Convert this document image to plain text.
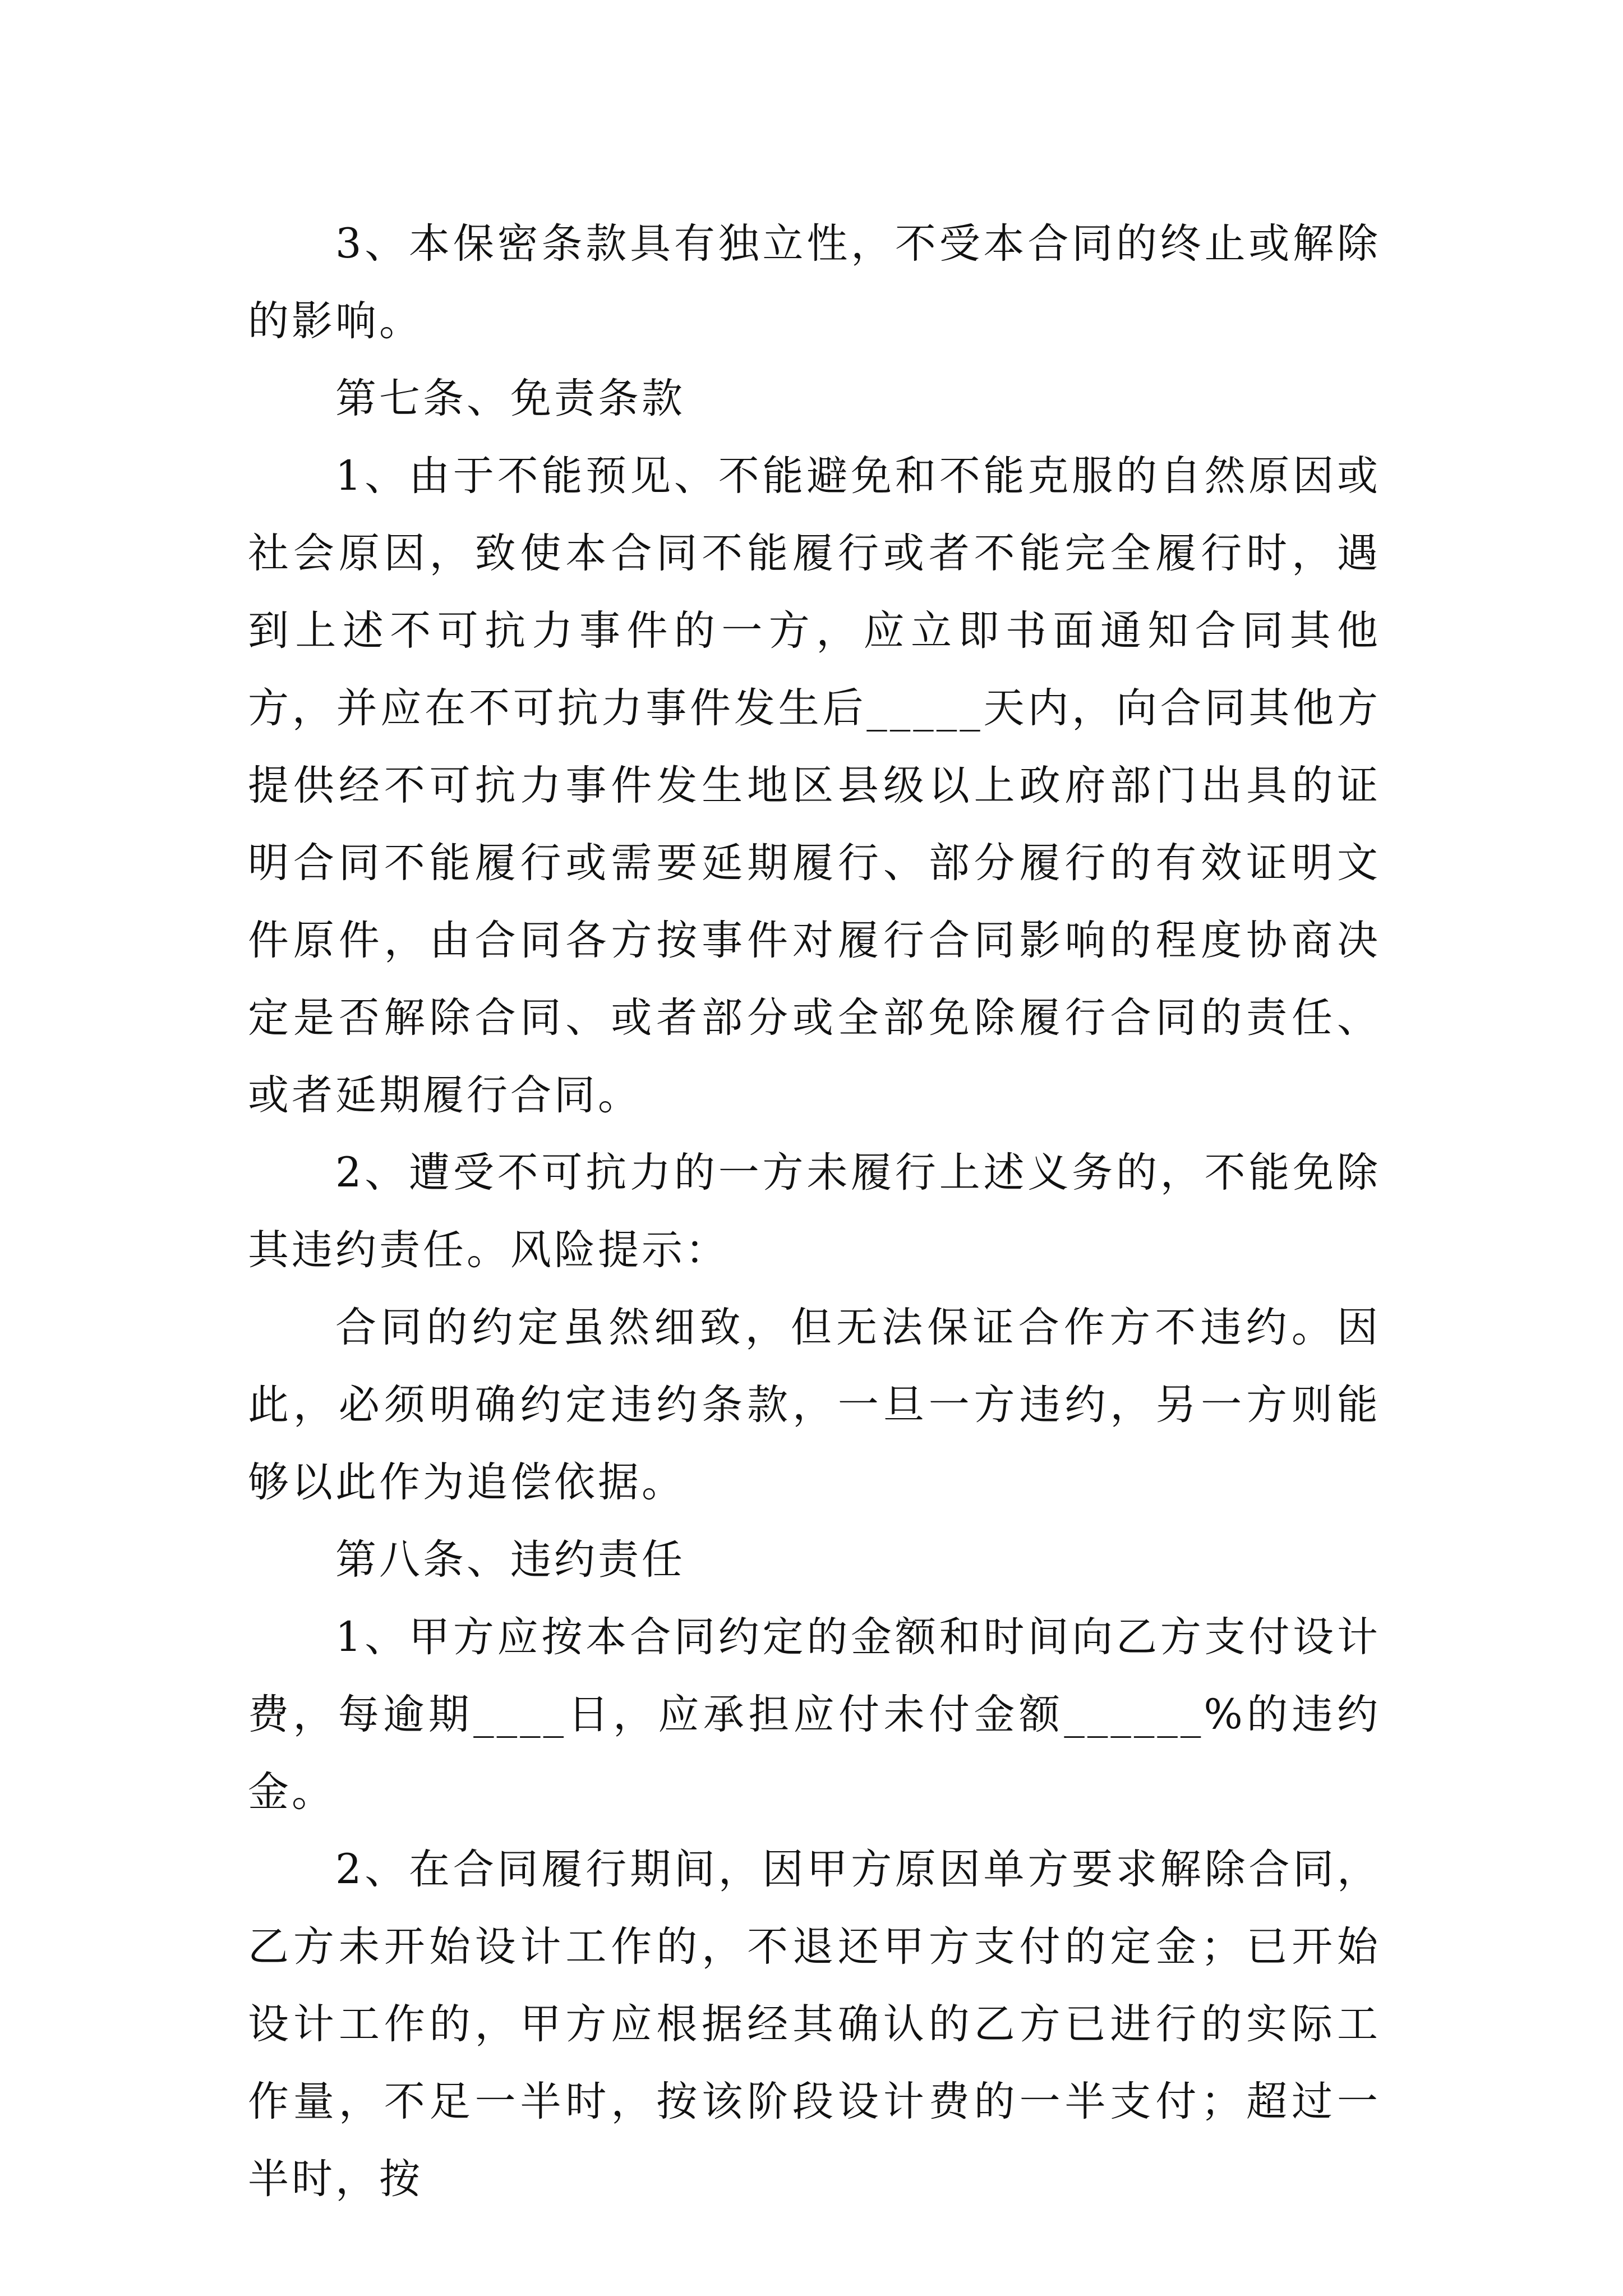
3、本保密条款具有独立性，不受本合同的终止或解除的影响。

第七条、免责条款

1、由于不能预见、不能避免和不能克服的自然原因或社会原因，致使本合同不能履行或者不能完全履行时，遇到上述不可抗力事件的一方，应立即书面通知合同其他方，并应在不可抗力事件发生后_____天内，向合同其他方提供经不可抗力事件发生地区县级以上政府部门出具的证明合同不能履行或需要延期履行、部分履行的有效证明文件原件，由合同各方按事件对履行合同影响的程度协商决定是否解除合同、或者部分或全部免除履行合同的责任、或者延期履行合同。

2、遭受不可抗力的一方未履行上述义务的，不能免除其违约责任。风险提示：

合同的约定虽然细致，但无法保证合作方不违约。因此，必须明确约定违约条款，一旦一方违约，另一方则能够以此作为追偿依据。

第八条、违约责任

1、甲方应按本合同约定的金额和时间向乙方支付设计费，每逾期____日，应承担应付未付金额______%的违约金。

2、在合同履行期间，因甲方原因单方要求解除合同，乙方未开始设计工作的，不退还甲方支付的定金；已开始设计工作的，甲方应根据经其确认的乙方已进行的实际工作量，不足一半时，按该阶段设计费的一半支付；超过一半时，按
